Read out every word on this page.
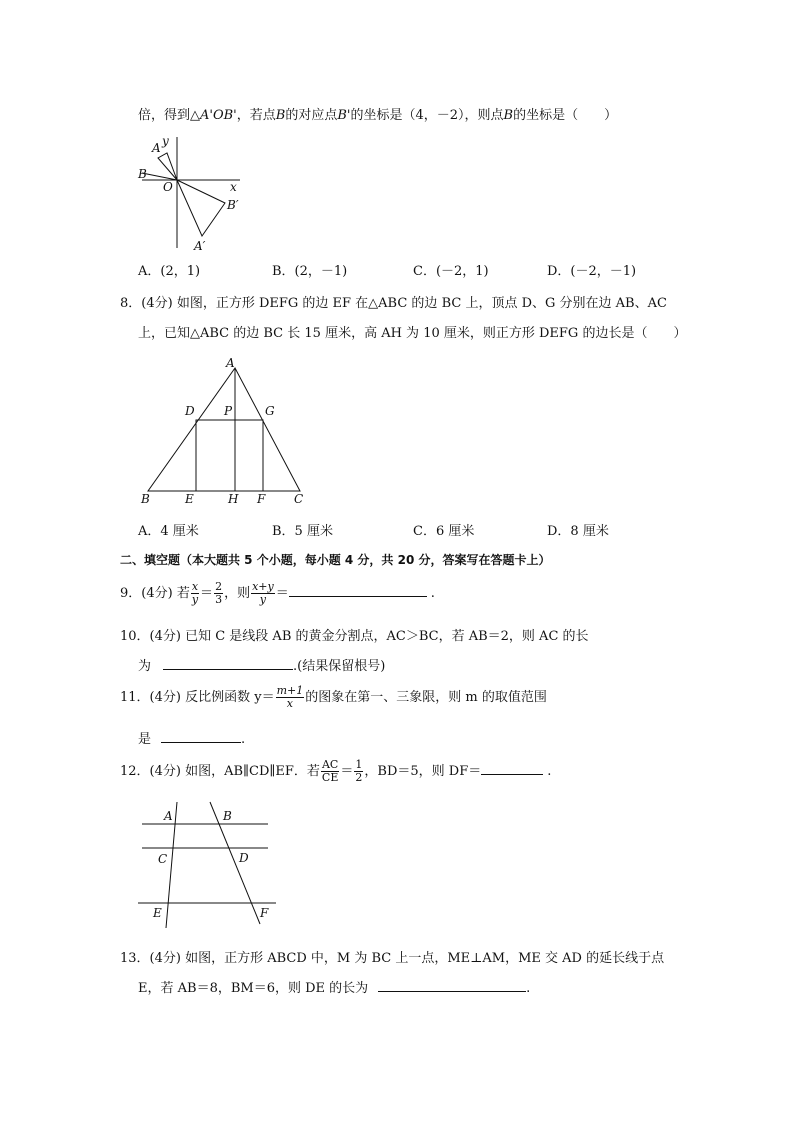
倍，得到△A'OB'，若点B的对应点B'的坐标是（4，－2），则点B的坐标是（　　）
A y
B
O	x
B′
A′
A．(2，1)	B．(2，－1)	C．(－2，1)	D．(－2，－1)
8．(4分) 如图，正方形 DEFG 的边 EF 在△ABC 的边 BC 上，顶点 D、G 分别在边 AB、AC
上，已知△ABC 的边 BC 长 15 厘米，高 AH 为 10 厘米，则正方形 DEFG 的边长是（　　）
A
D P	G
B	E	H F C
A．4 厘米	B．5 厘米	C．6 厘米	D．8 厘米
二、填空题（本大题共 5 个小题，每小题 4 分，共 20 分，答案写在答题卡上）
9．(4分) 若 $\frac{x}{y} = \frac{2}{3}$ ，则 $\frac{x+y}{y}$ ＝	.
10．(4分) 已知 C 是线段 AB 的黄金分割点，AC＞BC，若 AB＝2，则 AC 的长
为	.(结果保留根号)
11．(4分) 反比例函数 $y= \frac{m+1}{x}$ 的图象在第一、三象限，则 m 的取值范围
是	.
12．(4分) 如图，AB∥CD∥EF．若 $\frac{AC}{CE} = \frac{1}{2}$ ，BD＝5，则 DF＝	.
A	B
C	D
E	F
13．(4分) 如图，正方形 ABCD 中，M 为 BC 上一点，ME⊥AM，ME 交 AD 的延长线于点
E，若 AB＝8，BM＝6，则 DE 的长为	.
